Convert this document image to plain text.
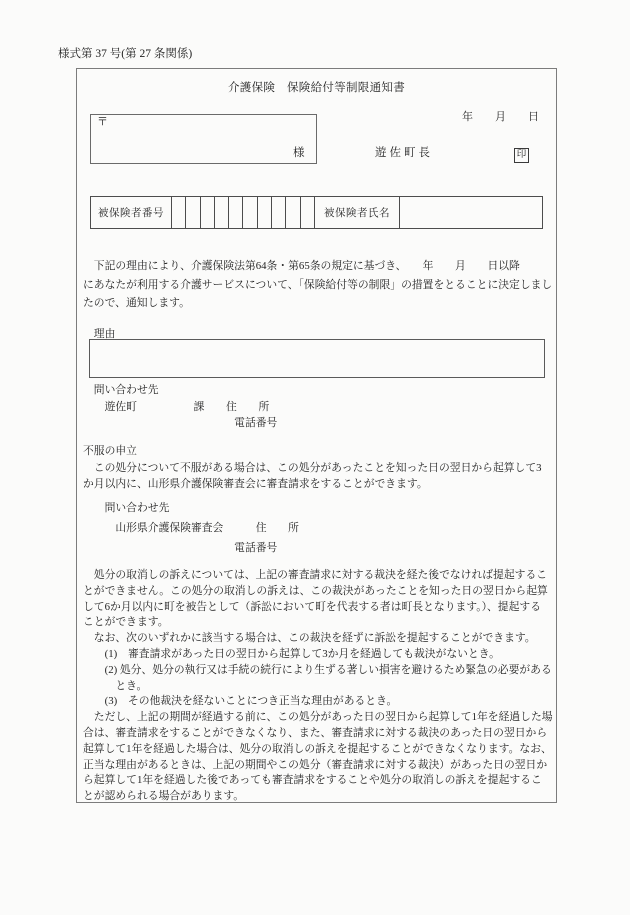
様式第 37 号(第 27 条関係)
介護保険　保険給付等制限通知書
〒
様
年　　月　　日
遊佐町長	印
被保険者番号	被保険者氏名
　下記の理由により、介護保険法第64条・第65条の規定に基づき、　　年　　月　　日以降
にあなたが利用する介護サービスについて、「保険給付等の制限」の措置をとることに決定しまし
たので、通知します。
　理由
　問い合わせ先
　　遊佐町　　　　　 課　　住　　所
　　　　　　　　　　　　　　電話番号
不服の申立
　この処分について不服がある場合は、この処分があったことを知った日の翌日から起算して3
か月以内に、山形県介護保険審査会に審査請求をすることができます。
　　問い合わせ先
　　　山形県介護保険審査会　　　住　　所
　　　　　　　　　　　　　　電話番号
　処分の取消しの訴えについては、上記の審査請求に対する裁決を経た後でなければ提起するこ
とができません。この処分の取消しの訴えは、この裁決があったことを知った日の翌日から起算
して6か月以内に町を被告として（訴訟において町を代表する者は町長となります。）、提起する
ことができます。
　なお、次のいずれかに該当する場合は、この裁決を経ずに訴訟を提起することができます。
　　(1)　審査請求があった日の翌日から起算して3か月を経過しても裁決がないとき。
　　(2) 処分、処分の執行又は手続の続行により生ずる著しい損害を避けるため緊急の必要がある
　　　とき。
　　(3)　その他裁決を経ないことにつき正当な理由があるとき。
　ただし、上記の期間が経過する前に、この処分があった日の翌日から起算して1年を経過した場
合は、審査請求をすることができなくなり、また、審査請求に対する裁決のあった日の翌日から
起算して1年を経過した場合は、処分の取消しの訴えを提起することができなくなります。なお、
正当な理由があるときは、上記の期間やこの処分（審査請求に対する裁決）があった日の翌日か
ら起算して1年を経過した後であっても審査請求をすることや処分の取消しの訴えを提起するこ
とが認められる場合があります。
